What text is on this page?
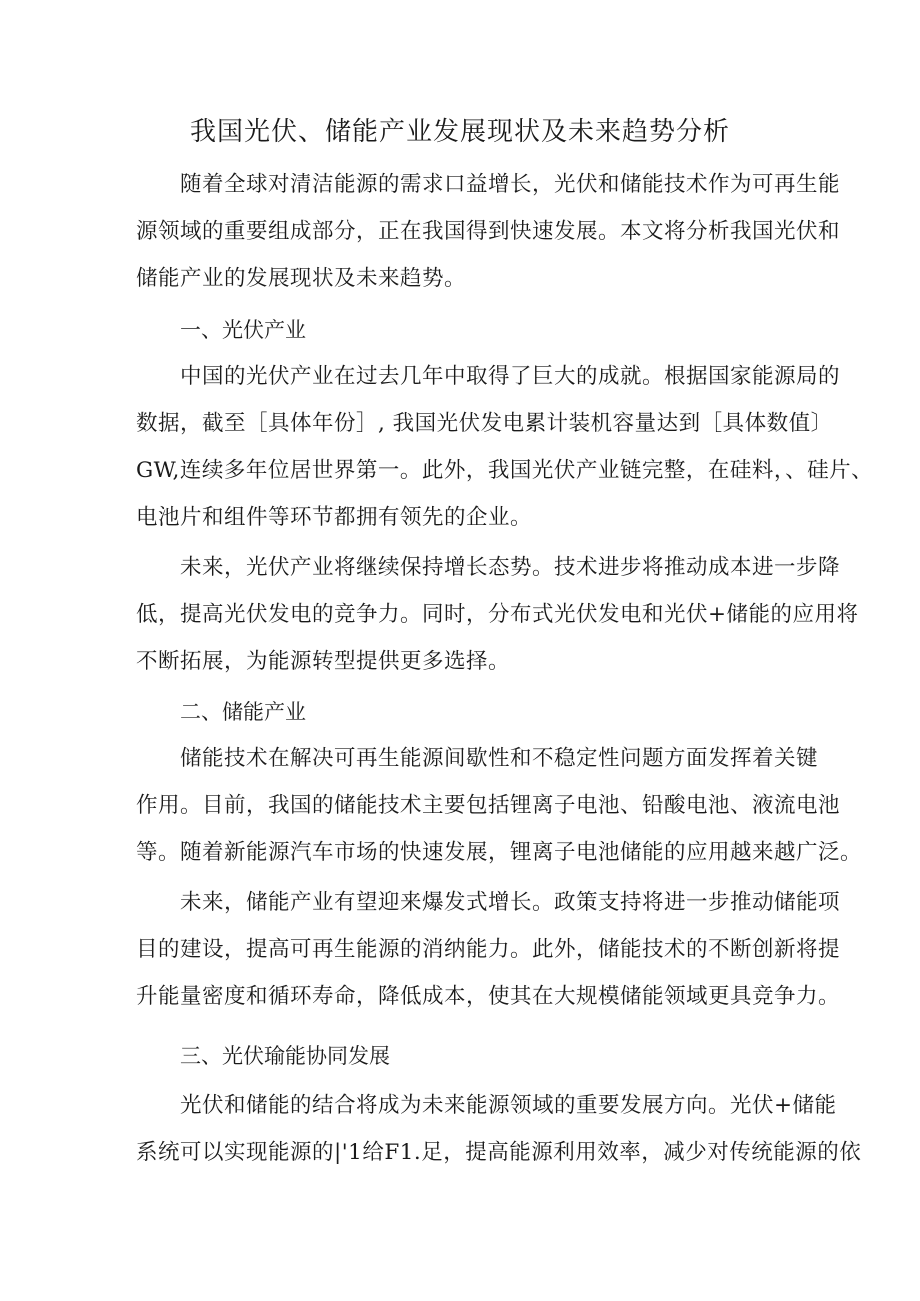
我国光伏、储能产业发展现状及未来趋势分析
随着全球对清洁能源的需求口益增长，光伏和储能技术作为可再生能
源领域的重要组成部分，正在我国得到快速发展。本文将分析我国光伏和
储能产业的发展现状及未来趋势。
一、光伏产业
中国的光伏产业在过去几年中取得了巨大的成就。根据国家能源局的
数据，截至［具体年份］, 我国光伏发电累计装机容量达到［具体数值〕
GW,连续多年位居世界第一。此外，我国光伏产业链完整，在硅料，、硅片、
电池片和组件等环节都拥有领先的企业。
未来，光伏产业将继续保持增长态势。技术进步将推动成本进一步降
低，提高光伏发电的竞争力。同时，分布式光伏发电和光伏+储能的应用将
不断拓展，为能源转型提供更多选择。
二、储能产业
储能技术在解决可再生能源间歇性和不稳定性问题方面发挥着关键
作用。目前，我国的储能技术主要包括锂离子电池、铅酸电池、液流电池
等。随着新能源汽车市场的快速发展，锂离子电池储能的应用越来越广泛。
未来，储能产业有望迎来爆发式增长。政策支持将进一步推动储能项
目的建设，提高可再生能源的消纳能力。此外，储能技术的不断创新将提
升能量密度和循环寿命，降低成本，使其在大规模储能领域更具竞争力。
三、光伏瑜能协同发展
光伏和储能的结合将成为未来能源领域的重要发展方向。光伏+储能
系统可以实现能源的|'1给F1.足，提高能源利用效率，减少对传统能源的依
